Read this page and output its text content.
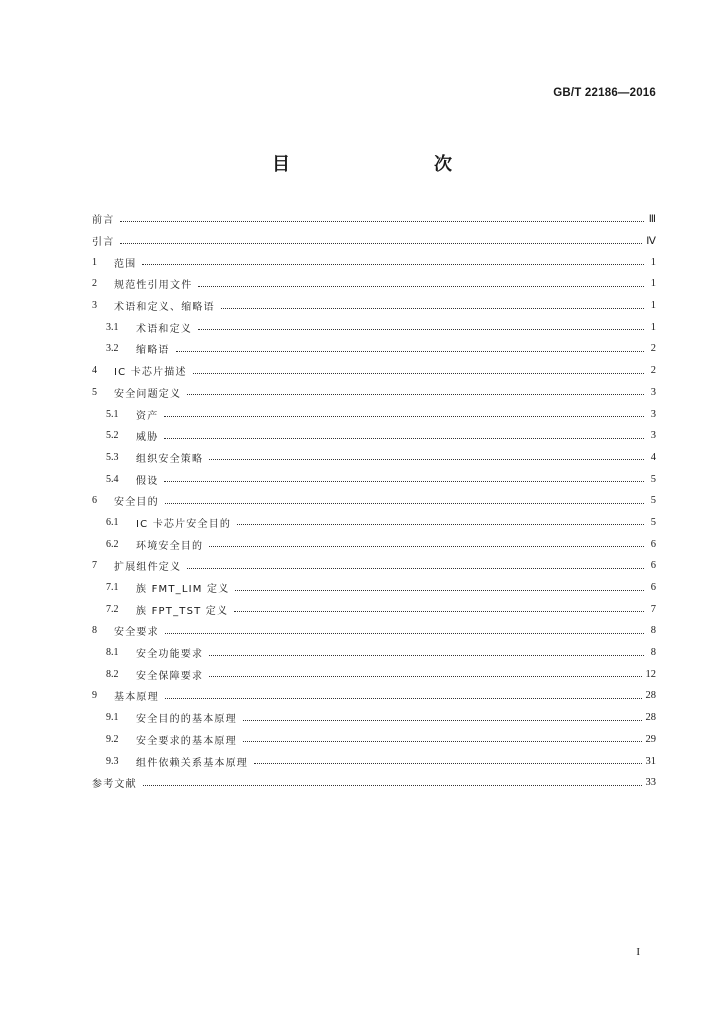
GB/T 22186—2016
目　　次
前言	Ⅲ
引言	Ⅳ
1	范围	1
2	规范性引用文件	1
3	术语和定义、缩略语	1
3.1	术语和定义	1
3.2	缩略语	2
4	IC 卡芯片描述	2
5	安全问题定义	3
5.1	资产	3
5.2	威胁	3
5.3	组织安全策略	4
5.4	假设	5
6	安全目的	5
6.1	IC 卡芯片安全目的	5
6.2	环境安全目的	6
7	扩展组件定义	6
7.1	族 FMT_LIM 定义	6
7.2	族 FPT_TST 定义	7
8	安全要求	8
8.1	安全功能要求	8
8.2	安全保障要求	12
9	基本原理	28
9.1	安全目的的基本原理	28
9.2	安全要求的基本原理	29
9.3	组件依赖关系基本原理	31
参考文献	33
I
